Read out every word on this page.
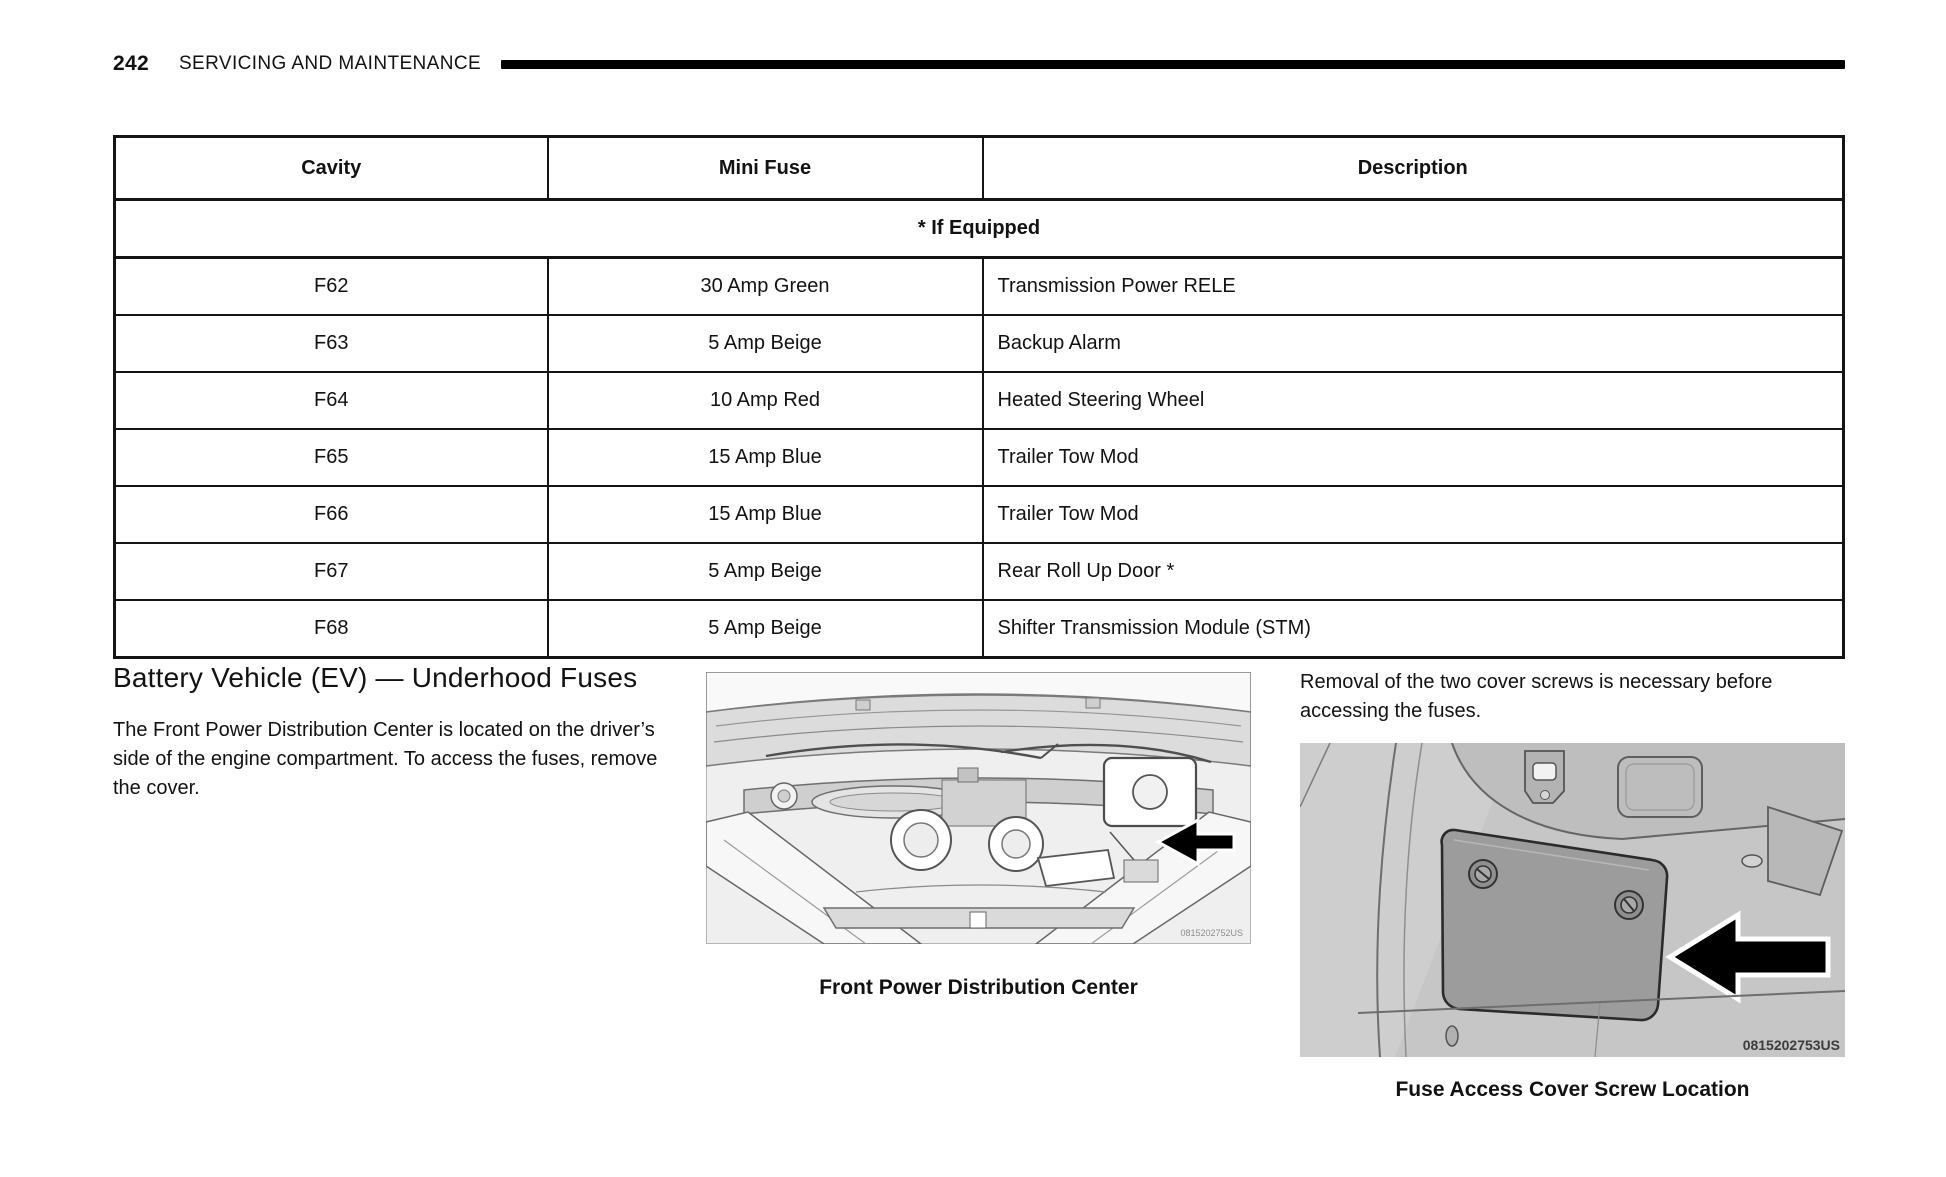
242 SERVICING AND MAINTENANCE
Cavity	Mini Fuse	Description
* If Equipped		
F62	30 Amp Green	Transmission Power RELE
F63	5 Amp Beige	Backup Alarm
F64	10 Amp Red	Heated Steering Wheel
F65	15 Amp Blue	Trailer Tow Mod
F66	15 Amp Blue	Trailer Tow Mod
F67	5 Amp Beige	Rear Roll Up Door *
F68	5 Amp Beige	Shifter Transmission Module (STM)
Battery Vehicle (EV) — Underhood Fuses
The Front Power Distribution Center is located on the driver’s side of the engine compartment. To access the fuses, remove the cover.
0815202752US
Front Power Distribution Center
Removal of the two cover screws is necessary before accessing the fuses.
0815202753US
Fuse Access Cover Screw Location
